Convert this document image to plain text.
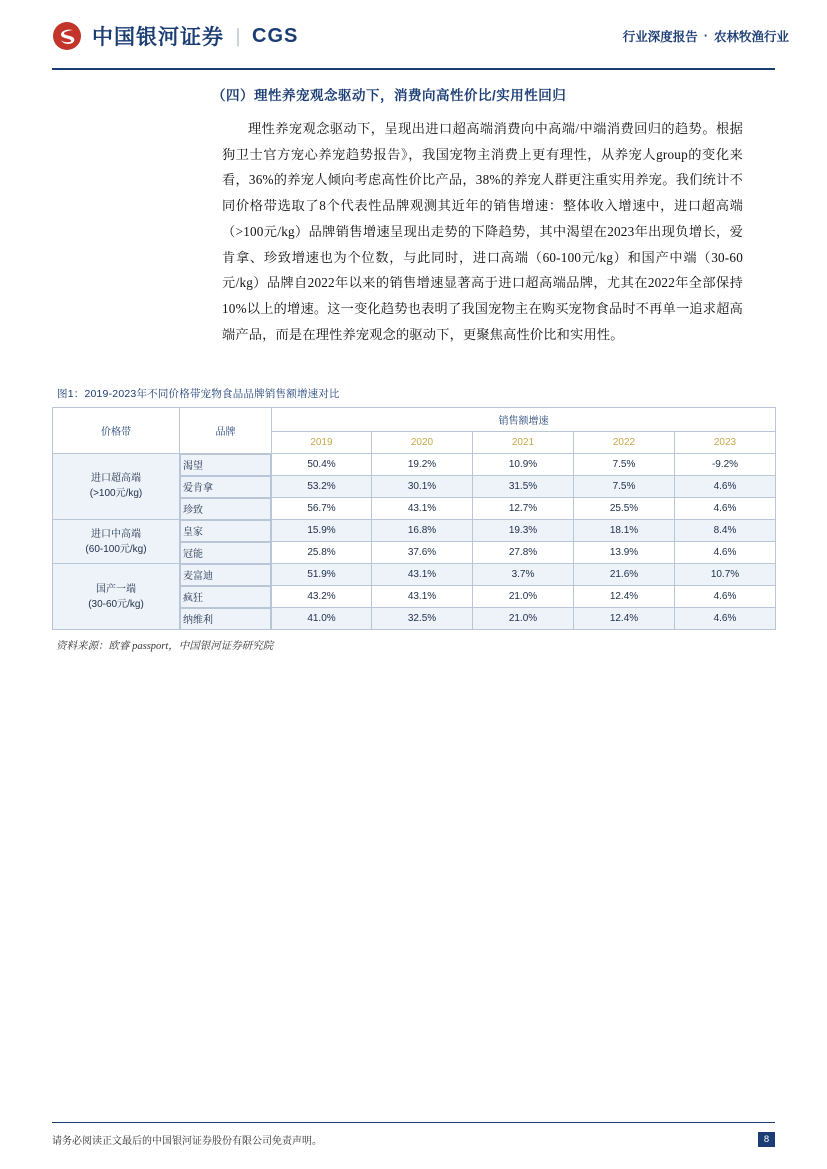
中国银河证券 | CGS	行业深度报告 · 农林牧渔行业
（四）理性养宠观念驱动下，消费向高性价比/实用性回归

理性养宠观念驱动下，呈现出进口超高端消费向中高端/中端消费回归的趋势。根据狗卫士官方宠心养宠趋势报告》，我国宠物主消费上更有理性，从养宠人group的变化来看，36%的养宠人倾向考虑高性价比产品，38%的养宠人群更注重实用养宠。我们统计不同价格带选取了8个代表性品牌观测其近年的销售增速：整体收入增速中，进口超高端（>100元/kg）品牌销售增速呈现出走势的下降趋势，其中渴望在2023年出现负增长，爱肯拿、珍致增速也为个位数，与此同时，进口高端（60-100元/kg）和国产中端（30-60元/kg）品牌自2022年以来的销售增速显著高于进口超高端品牌，尤其在2022年全部保持10%以上的增速。这一变化趋势也表明了我国宠物主在购买宠物食品时不再单一追求超高端产品，而是在理性养宠观念的驱动下，更聚焦高性价比和实用性。

图1：2019-2023年不同价格带宠物食品品牌销售额增速对比
价格带	品牌	销售额增速				
		2019	2020	2021	2022	2023
进口超高端
(>100元/kg)	
渴望	50.4%	19.2%	10.9%	7.5%	-9.2%

爱肯拿	53.2%	30.1%	31.5%	7.5%	4.6%

珍致	56.7%	43.1%	12.7%	25.5%	4.6%
进口中高端
(60-100元/kg)	
皇家	15.9%	16.8%	19.3%	18.1%	8.4%

冠能	25.8%	37.6%	27.8%	13.9%	4.6%
国产一端
(30-60元/kg)	
麦富迪	51.9%	43.1%	3.7%	21.6%	10.7%

疯狂	43.2%	43.1%	21.0%	12.4%	4.6%

纳维利	41.0%	32.5%	21.0%	12.4%	4.6%
资料来源：欧睿 passport，中国银河证券研究院
请务必阅读正文最后的中国银河证券股份有限公司免责声明。	8
